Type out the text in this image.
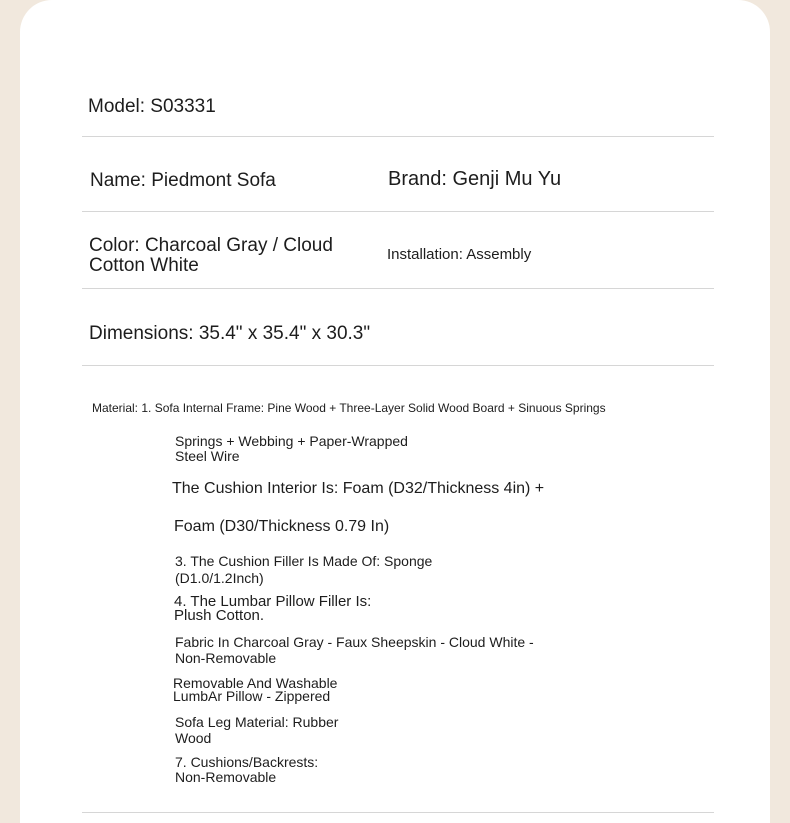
Model: S03331
Name: Piedmont Sofa	Brand: Genji Mu Yu
Color: Charcoal Gray / Cloud
Cotton White
Installation: Assembly
Dimensions: 35.4" x 35.4" x 30.3"
Material: 1. Sofa Internal Frame: Pine Wood + Three-Layer Solid Wood Board + Sinuous Springs
Springs + Webbing + Paper-Wrapped
Steel Wire
The Cushion Interior Is: Foam (D32/Thickness 4in) +
Foam (D30/Thickness 0.79 In)
3. The Cushion Filler Is Made Of: Sponge
(D1.0/1.2Inch)
4. The Lumbar Pillow Filler Is:
Plush Cotton.
Fabric In Charcoal Gray - Faux Sheepskin - Cloud White -
Non-Removable
Removable And Washable
LumbAr Pillow - Zippered
Sofa Leg Material: Rubber
Wood
7. Cushions/Backrests:
Non-Removable
